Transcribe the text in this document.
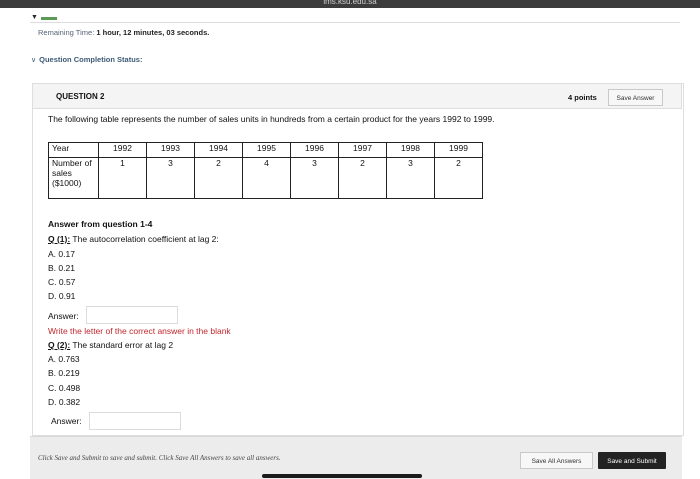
lms.ksu.edu.sa
▼
Remaining Time: 1 hour, 12 minutes, 03 seconds.
∨ Question Completion Status:
QUESTION 2	4 points	Save Answer
The following table represents the number of sales units in hundreds from a certain product for the years 1992 to 1999.
Year	1992	1993	1994	1995	1996	1997	1998	1999
Number of sales ($1000)	1	3	2	4	3	2	3	2
Answer from question 1-4
Q (1): The autocorrelation coefficient at lag 2:
A. 0.17
B. 0.21
C. 0.57
D. 0.91
Answer:
Write the letter of the correct answer in the blank
Q (2): The standard error at lag 2
A. 0.763
B. 0.219
C. 0.498
D. 0.382
Answer:
Click Save and Submit to save and submit. Click Save All Answers to save all answers.	Save All Answers	Save and Submit
